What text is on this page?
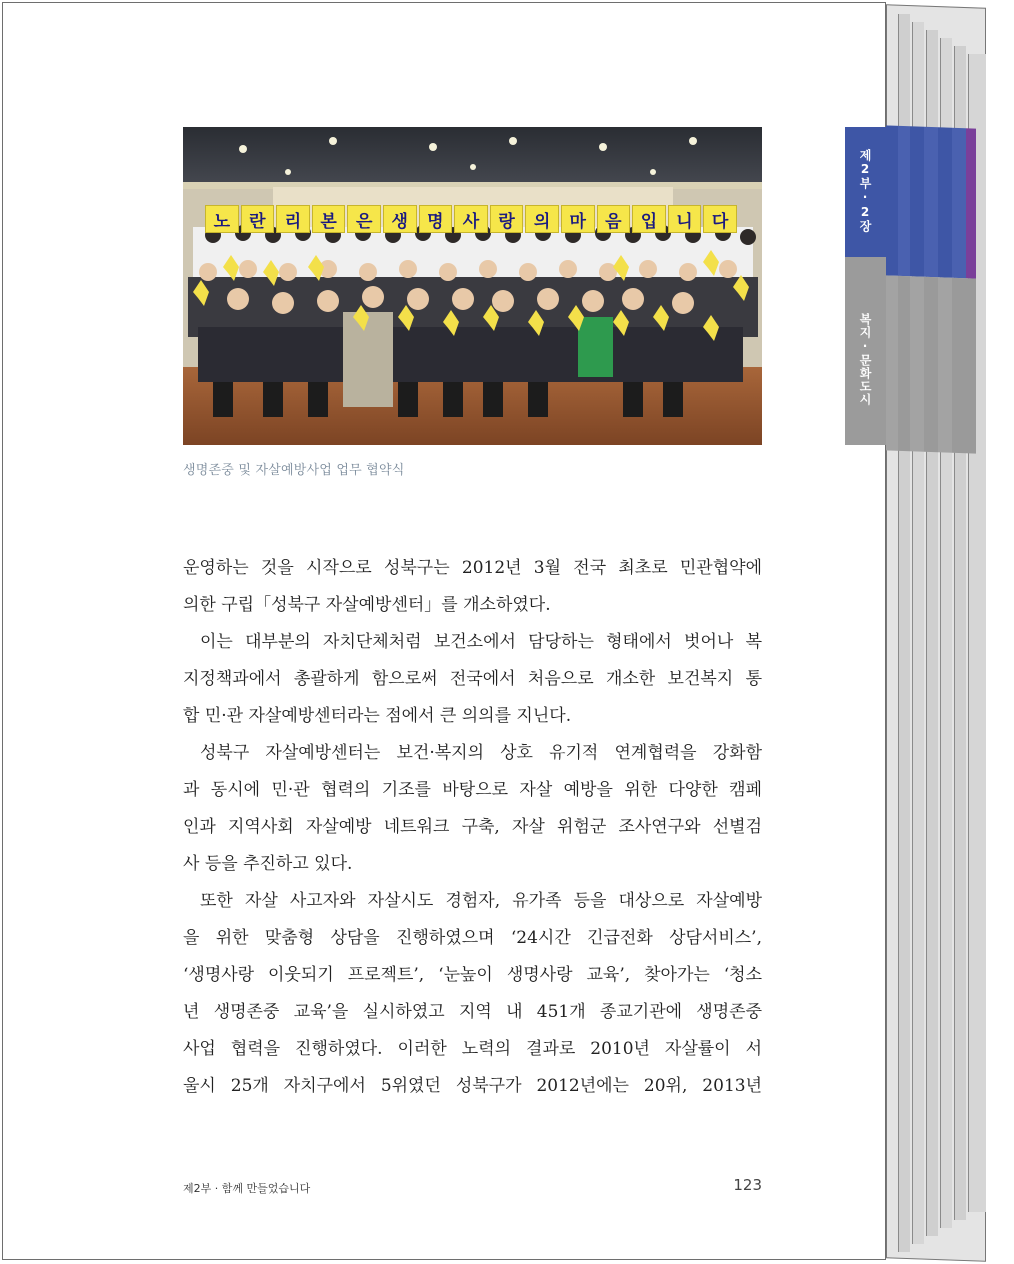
노	란	리	본	은	생	명	사	랑	의	마	음	입	니	다
생명존중 및 자살예방사업 업무 협약식
운영하는 것을 시작으로 성북구는 2012년 3월 전국 최초로 민관협약에
의한 구립「성북구 자살예방센터」를 개소하였다.
이는 대부분의 자치단체처럼 보건소에서 담당하는 형태에서 벗어나 복
지정책과에서 총괄하게 함으로써 전국에서 처음으로 개소한 보건복지 통
합 민·관 자살예방센터라는 점에서 큰 의의를 지닌다.
성북구 자살예방센터는 보건·복지의 상호 유기적 연계협력을 강화함
과 동시에 민·관 협력의 기조를 바탕으로 자살 예방을 위한 다양한 캠페
인과 지역사회 자살예방 네트워크 구축, 자살 위험군 조사연구와 선별검
사 등을 추진하고 있다.
또한 자살 사고자와 자살시도 경험자, 유가족 등을 대상으로 자살예방
을 위한 맞춤형 상담을 진행하였으며 ‘24시간 긴급전화 상담서비스’,
‘생명사랑 이웃되기 프로젝트’, ‘눈높이 생명사랑 교육’, 찾아가는 ‘청소
년 생명존중 교육’을 실시하였고 지역 내 451개 종교기관에 생명존중
사업 협력을 진행하였다. 이러한 노력의 결과로 2010년 자살률이 서
울시 25개 자치구에서 5위였던 성북구가 2012년에는 20위, 2013년
제2부·2장
복지·문화도시
제2부 · 함께 만들었습니다	123
